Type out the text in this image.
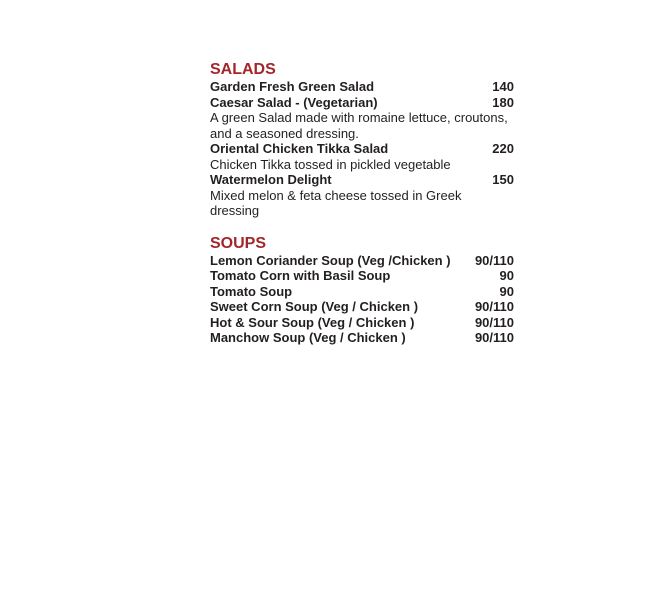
SALADS
Garden Fresh Green Salad	140
Caesar Salad - (Vegetarian)	180
A green Salad made with romaine lettuce, croutons, and a seasoned dressing.
Oriental Chicken Tikka Salad	220
Chicken Tikka tossed in pickled vegetable
Watermelon Delight	150
Mixed melon & feta cheese tossed in Greek dressing
SOUPS
Lemon Coriander Soup (Veg /Chicken ) 90/110
Tomato Corn with Basil Soup	90
Tomato Soup	90
Sweet Corn Soup (Veg / Chicken )	90/110
Hot & Sour Soup (Veg / Chicken )	90/110
Manchow Soup (Veg / Chicken )	90/110
